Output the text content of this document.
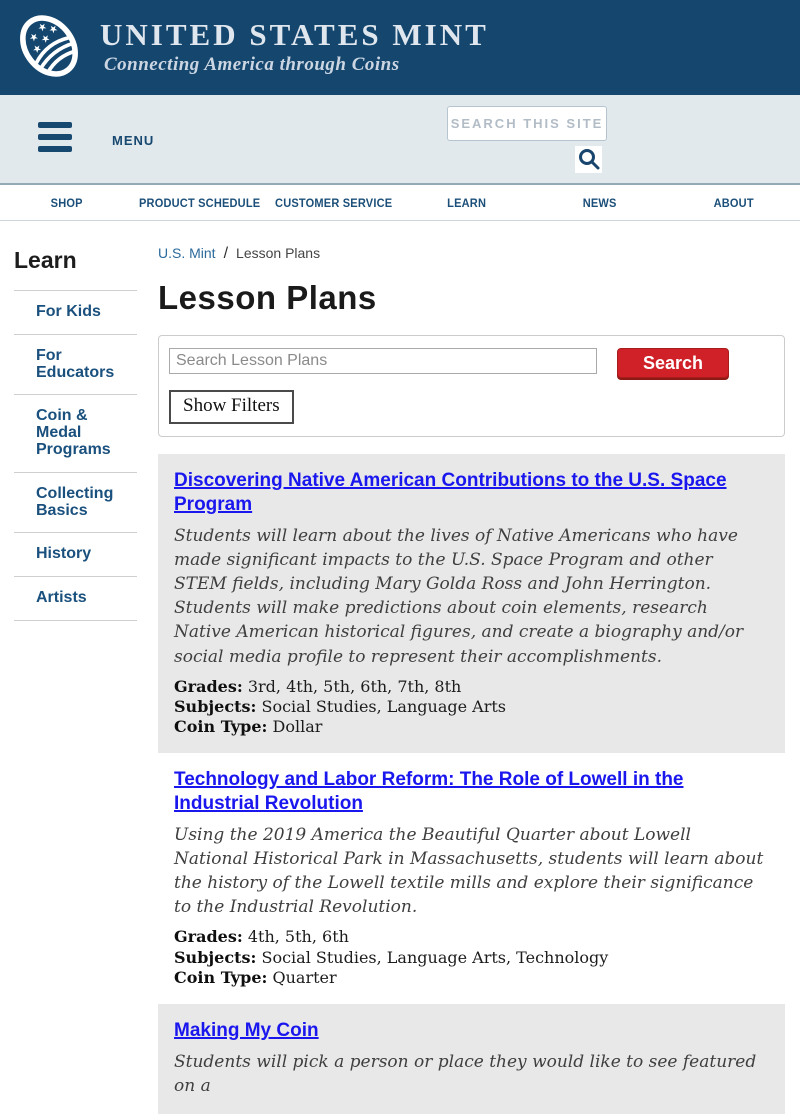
★
★
★
★
★ UNITED STATES MINT
Connecting America through Coins
MENU
SEARCH THIS SITE
SHOP	PRODUCT SCHEDULE CUSTOMER SERVICE	LEARN	NEWS	ABOUT
Learn
For Kids
For Educators
Coin & Medal Programs
Collecting Basics
History
Artists
U.S. Mint / Lesson Plans
Lesson Plans
Search Lesson Plans
Search
Show Filters
Discovering Native American Contributions to the U.S. Space Program

Students will learn about the lives of Native Americans who have made significant impacts to the U.S. Space Program and other STEM fields, including Mary Golda Ross and John Herrington. Students will make predictions about coin elements, research Native American historical figures, and create a biography and/or social media profile to represent their accomplishments.

Grades: 3rd, 4th, 5th, 6th, 7th, 8th
Subjects: Social Studies, Language Arts
Coin Type: Dollar
Technology and Labor Reform: The Role of Lowell in the Industrial Revolution

Using the 2019 America the Beautiful Quarter about Lowell National Historical Park in Massachusetts, students will learn about the history of the Lowell textile mills and explore their significance to the Industrial Revolution.

Grades: 4th, 5th, 6th
Subjects: Social Studies, Language Arts, Technology
Coin Type: Quarter
Making My Coin

Students will pick a person or place they would like to see featured on a
